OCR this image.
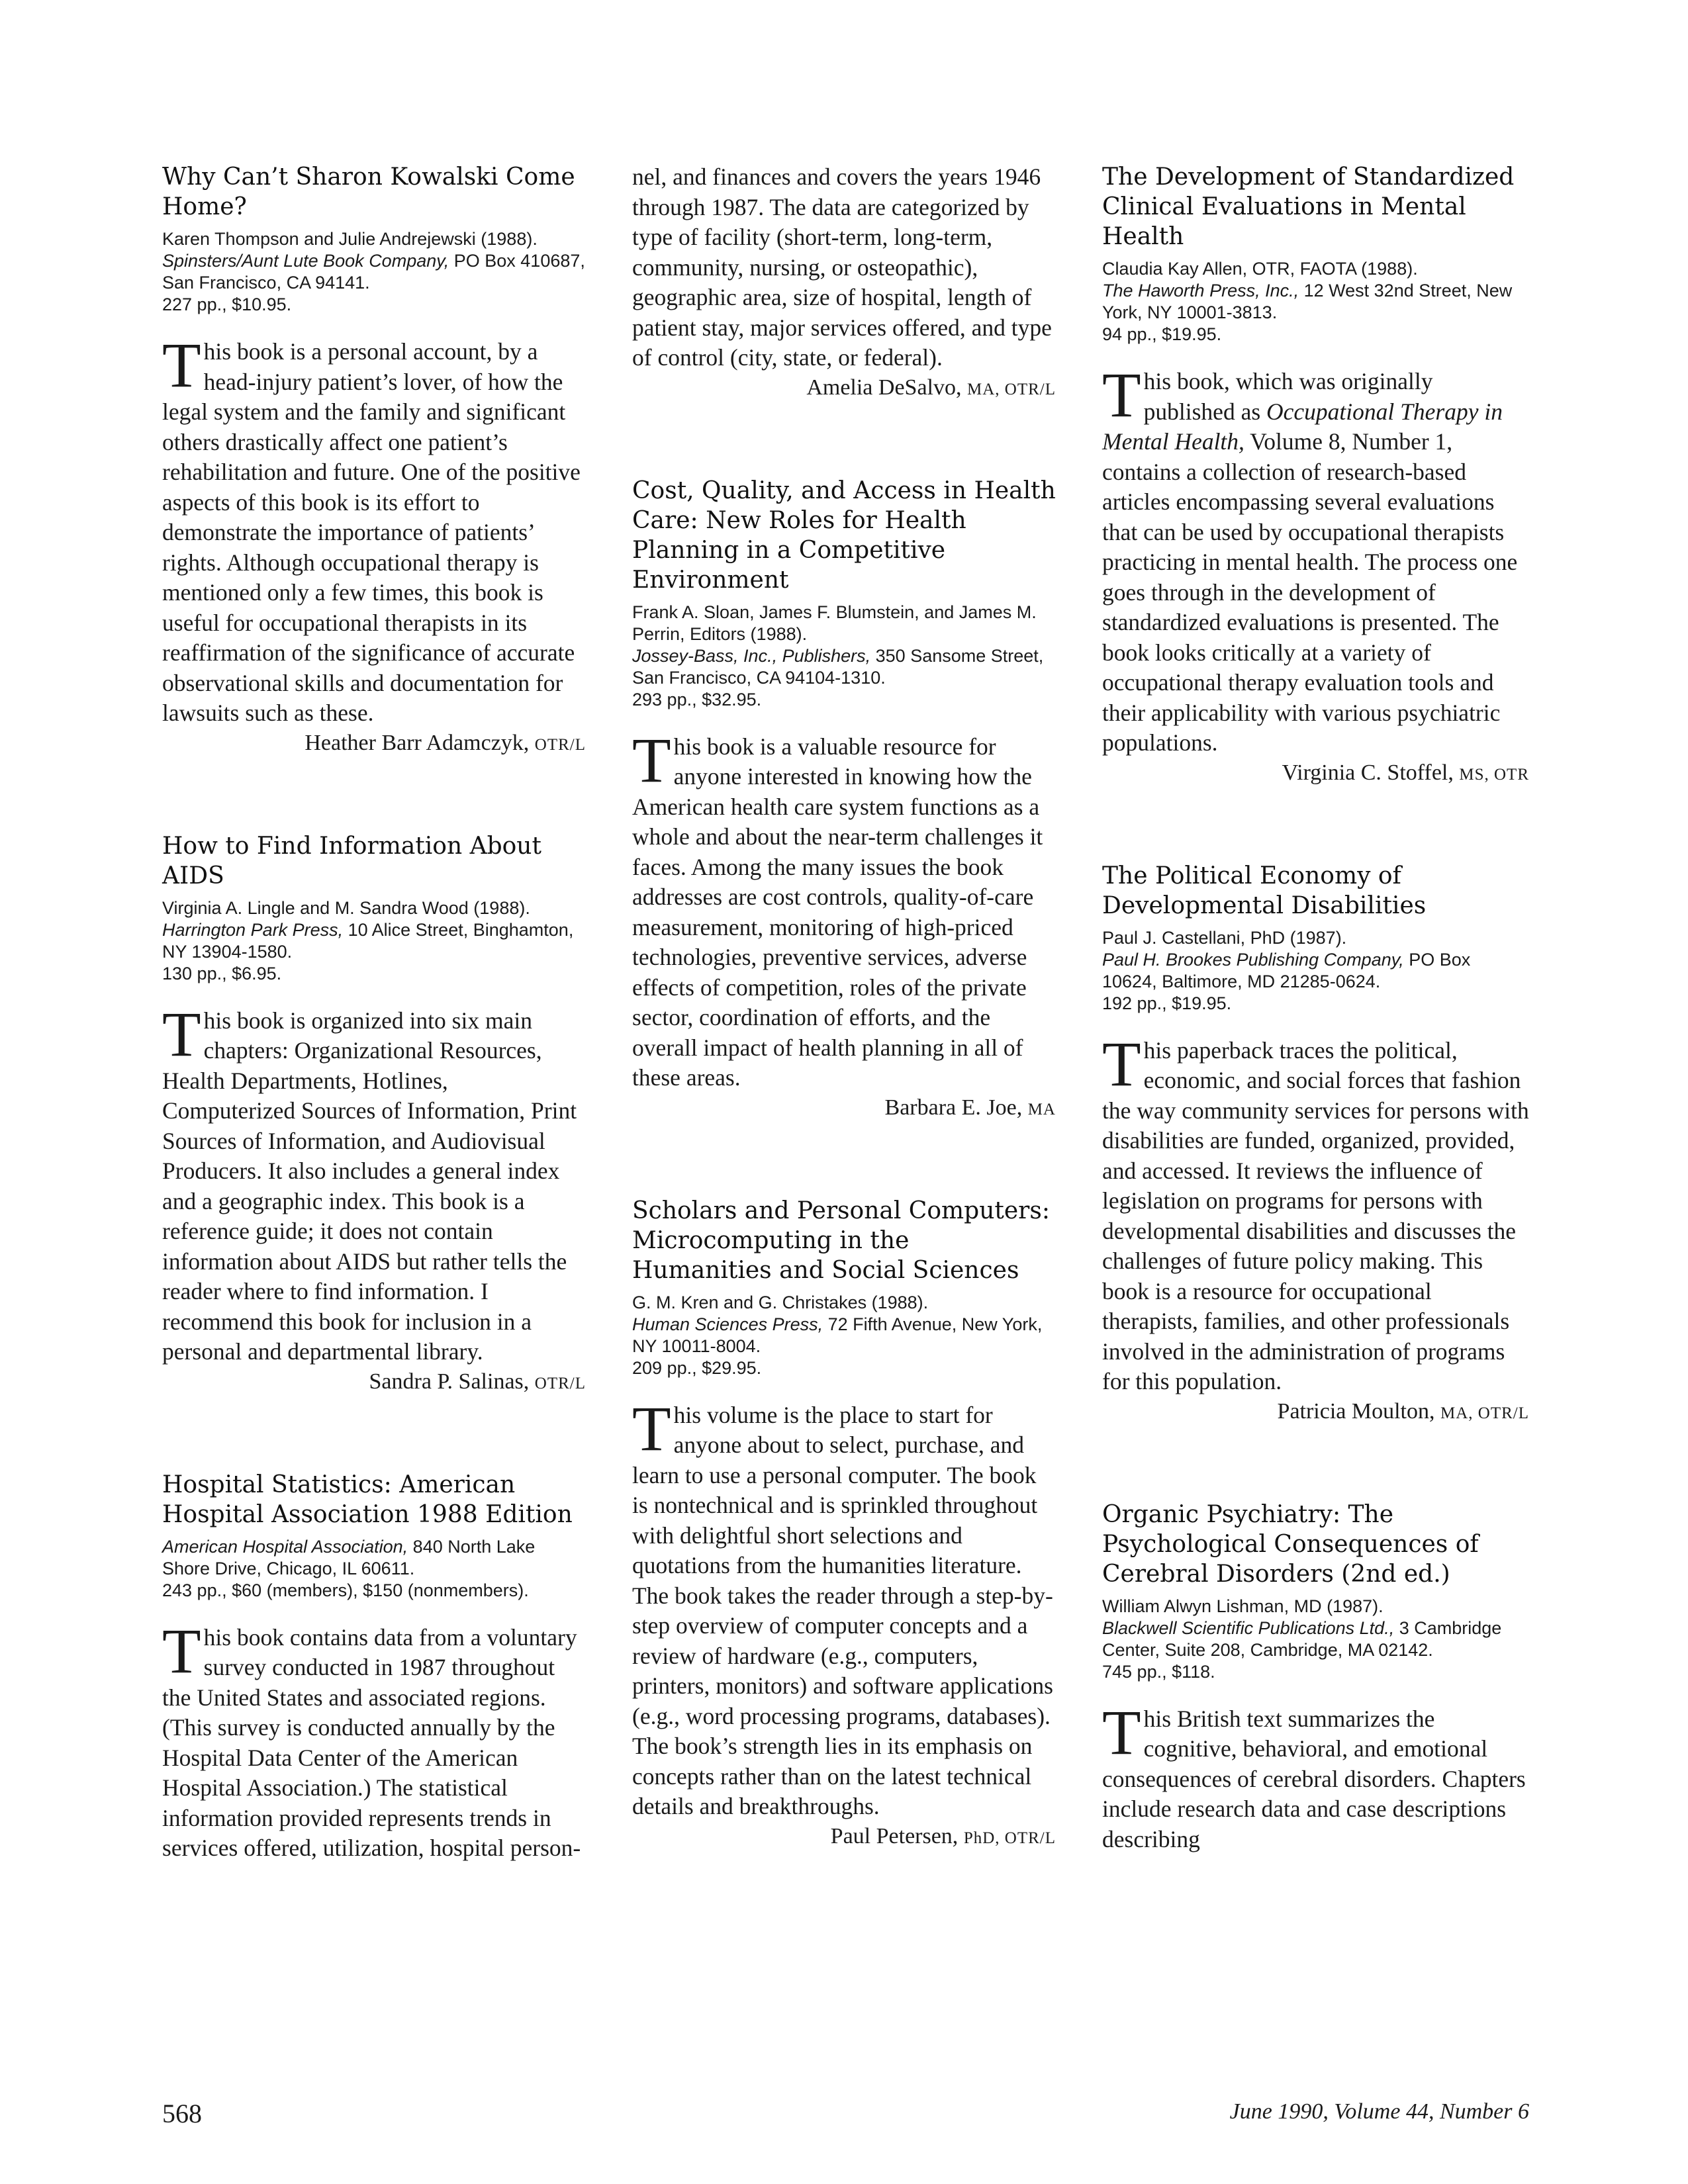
Why Can’t Sharon Kowalski Come Home?

Karen Thompson and Julie Andrejewski (1988).
Spinsters/Aunt Lute Book Company, PO Box 410687, San Francisco, CA 94141.
227 pp., $10.95.

This book is a personal account, by a head-injury patient’s lover, of how the legal system and the family and significant others drastically affect one patient’s rehabilitation and future. One of the positive aspects of this book is its effort to demonstrate the importance of patients’ rights. Although occupational therapy is mentioned only a few times, this book is useful for occupational therapists in its reaffirmation of the significance of accurate observational skills and documentation for lawsuits such as these.

Heather Barr Adamczyk, OTR/L

How to Find Information About AIDS

Virginia A. Lingle and M. Sandra Wood (1988).
Harrington Park Press, 10 Alice Street, Binghamton, NY 13904-1580.
130 pp., $6.95.

This book is organized into six main chapters: Organizational Resources, Health Departments, Hotlines, Computerized Sources of Information, Print Sources of Information, and Audiovisual Producers. It also includes a general index and a geographic index. This book is a reference guide; it does not contain information about AIDS but rather tells the reader where to find information. I recommend this book for inclusion in a personal and departmental library.

Sandra P. Salinas, OTR/L

Hospital Statistics: American Hospital Association 1988 Edition

American Hospital Association, 840 North Lake Shore Drive, Chicago, IL 60611.
243 pp., $60 (members), $150 (nonmembers).

This book contains data from a voluntary survey conducted in 1987 throughout the United States and associated regions. (This survey is conducted annually by the Hospital Data Center of the American Hospital Association.) The statistical information provided represents trends in services offered, utilization, hospital person-

nel, and finances and covers the years 1946 through 1987. The data are categorized by type of facility (short-term, long-term, community, nursing, or osteopathic), geographic area, size of hospital, length of patient stay, major services offered, and type of control (city, state, or federal).

Amelia DeSalvo, MA, OTR/L

Cost, Quality, and Access in Health Care: New Roles for Health Planning in a Competitive Environment

Frank A. Sloan, James F. Blumstein, and James M. Perrin, Editors (1988).
Jossey-Bass, Inc., Publishers, 350 Sansome Street, San Francisco, CA 94104-1310.
293 pp., $32.95.

This book is a valuable resource for anyone interested in knowing how the American health care system functions as a whole and about the near-term challenges it faces. Among the many issues the book addresses are cost controls, quality-of-care measurement, monitoring of high-priced technologies, preventive services, adverse effects of competition, roles of the private sector, coordination of efforts, and the overall impact of health planning in all of these areas.

Barbara E. Joe, MA

Scholars and Personal Computers: Microcomputing in the Humanities and Social Sciences

G. M. Kren and G. Christakes (1988).
Human Sciences Press, 72 Fifth Avenue, New York, NY 10011-8004.
209 pp., $29.95.

This volume is the place to start for anyone about to select, purchase, and learn to use a personal computer. The book is nontechnical and is sprinkled throughout with delightful short selections and quotations from the humanities literature. The book takes the reader through a step-by-step overview of computer concepts and a review of hardware (e.g., computers, printers, monitors) and software applications (e.g., word processing programs, databases). The book’s strength lies in its emphasis on concepts rather than on the latest technical details and breakthroughs.

Paul Petersen, PhD, OTR/L

The Development of Standardized Clinical Evaluations in Mental Health

Claudia Kay Allen, OTR, FAOTA (1988).
The Haworth Press, Inc., 12 West 32nd Street, New York, NY 10001-3813.
94 pp., $19.95.

This book, which was originally published as Occupational Therapy in Mental Health, Volume 8, Number 1, contains a collection of research-based articles encompassing several evaluations that can be used by occupational therapists practicing in mental health. The process one goes through in the development of standardized evaluations is presented. The book looks critically at a variety of occupational therapy evaluation tools and their applicability with various psychiatric populations.

Virginia C. Stoffel, MS, OTR

The Political Economy of Developmental Disabilities

Paul J. Castellani, PhD (1987).
Paul H. Brookes Publishing Company, PO Box 10624, Baltimore, MD 21285-0624.
192 pp., $19.95.

This paperback traces the political, economic, and social forces that fashion the way community services for persons with disabilities are funded, organized, provided, and accessed. It reviews the influence of legislation on programs for persons with developmental disabilities and discusses the challenges of future policy making. This book is a resource for occupational therapists, families, and other professionals involved in the administration of programs for this population.

Patricia Moulton, MA, OTR/L

Organic Psychiatry: The Psychological Consequences of Cerebral Disorders (2nd ed.)

William Alwyn Lishman, MD (1987).
Blackwell Scientific Publications Ltd., 3 Cambridge Center, Suite 208, Cambridge, MA 02142.
745 pp., $118.

This British text summarizes the cognitive, behavioral, and emotional consequences of cerebral disorders. Chapters include research data and case descriptions describing

568	June 1990, Volume 44, Number 6
